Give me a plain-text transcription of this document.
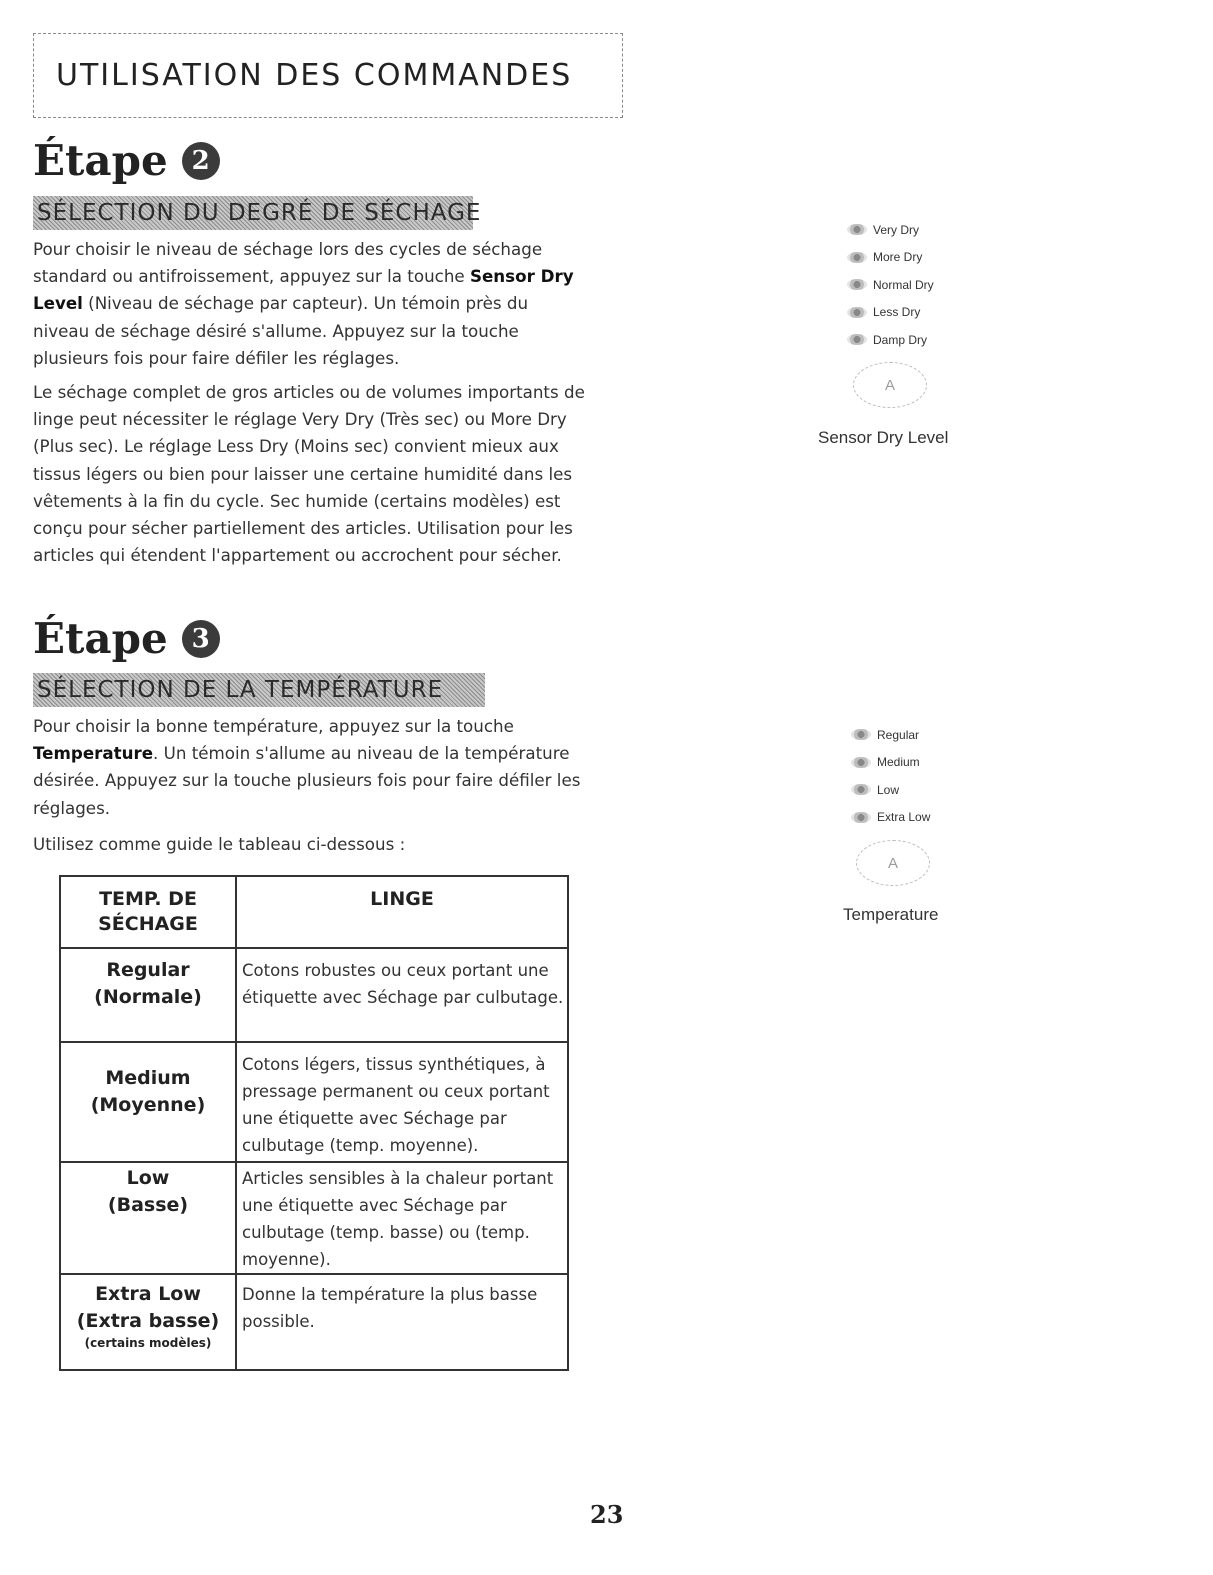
UTILISATION DES COMMANDES
Étape 2
SÉLECTION DU DEGRÉ DE SÉCHAGE

Pour choisir le niveau de séchage lors des cycles de séchage standard ou antifroissement, appuyez sur la touche Sensor Dry Level (Niveau de séchage par capteur). Un témoin près du niveau de séchage désiré s'allume. Appuyez sur la touche plusieurs fois pour faire défiler les réglages.

Le séchage complet de gros articles ou de volumes importants de linge peut nécessiter le réglage Very Dry (Très sec) ou More Dry (Plus sec). Le réglage Less Dry (Moins sec) convient mieux aux tissus légers ou bien pour laisser une certaine humidité dans les vêtements à la fin du cycle. Sec humide (certains modèles) est conçu pour sécher partiellement des articles. Utilisation pour les articles qui étendent l'appartement ou accrochent pour sécher.

Very Dry
More Dry
Normal Dry
Less Dry
Damp Dry
A
Sensor Dry Level
Étape 3
SÉLECTION DE LA TEMPÉRATURE

Pour choisir la bonne température, appuyez sur la touche Temperature. Un témoin s'allume au niveau de la température désirée. Appuyez sur la touche plusieurs fois pour faire défiler les réglages.

Utilisez comme guide le tableau ci-dessous :

Regular
Medium
Low
Extra Low
A
Temperature
TEMP. DE SÉCHAGE	LINGE
Regular
(Normale)	Cotons robustes ou ceux portant une étiquette avec Séchage par culbutage.
Medium
(Moyenne)	Cotons légers, tissus synthétiques, à pressage permanent ou ceux portant une étiquette avec Séchage par culbutage (temp. moyenne).
Low
(Basse)	Articles sensibles à la chaleur portant une étiquette avec Séchage par culbutage (temp. basse) ou (temp. moyenne).
Extra Low
(Extra basse)
(certains modèles)	Donne la température la plus basse possible.
23
